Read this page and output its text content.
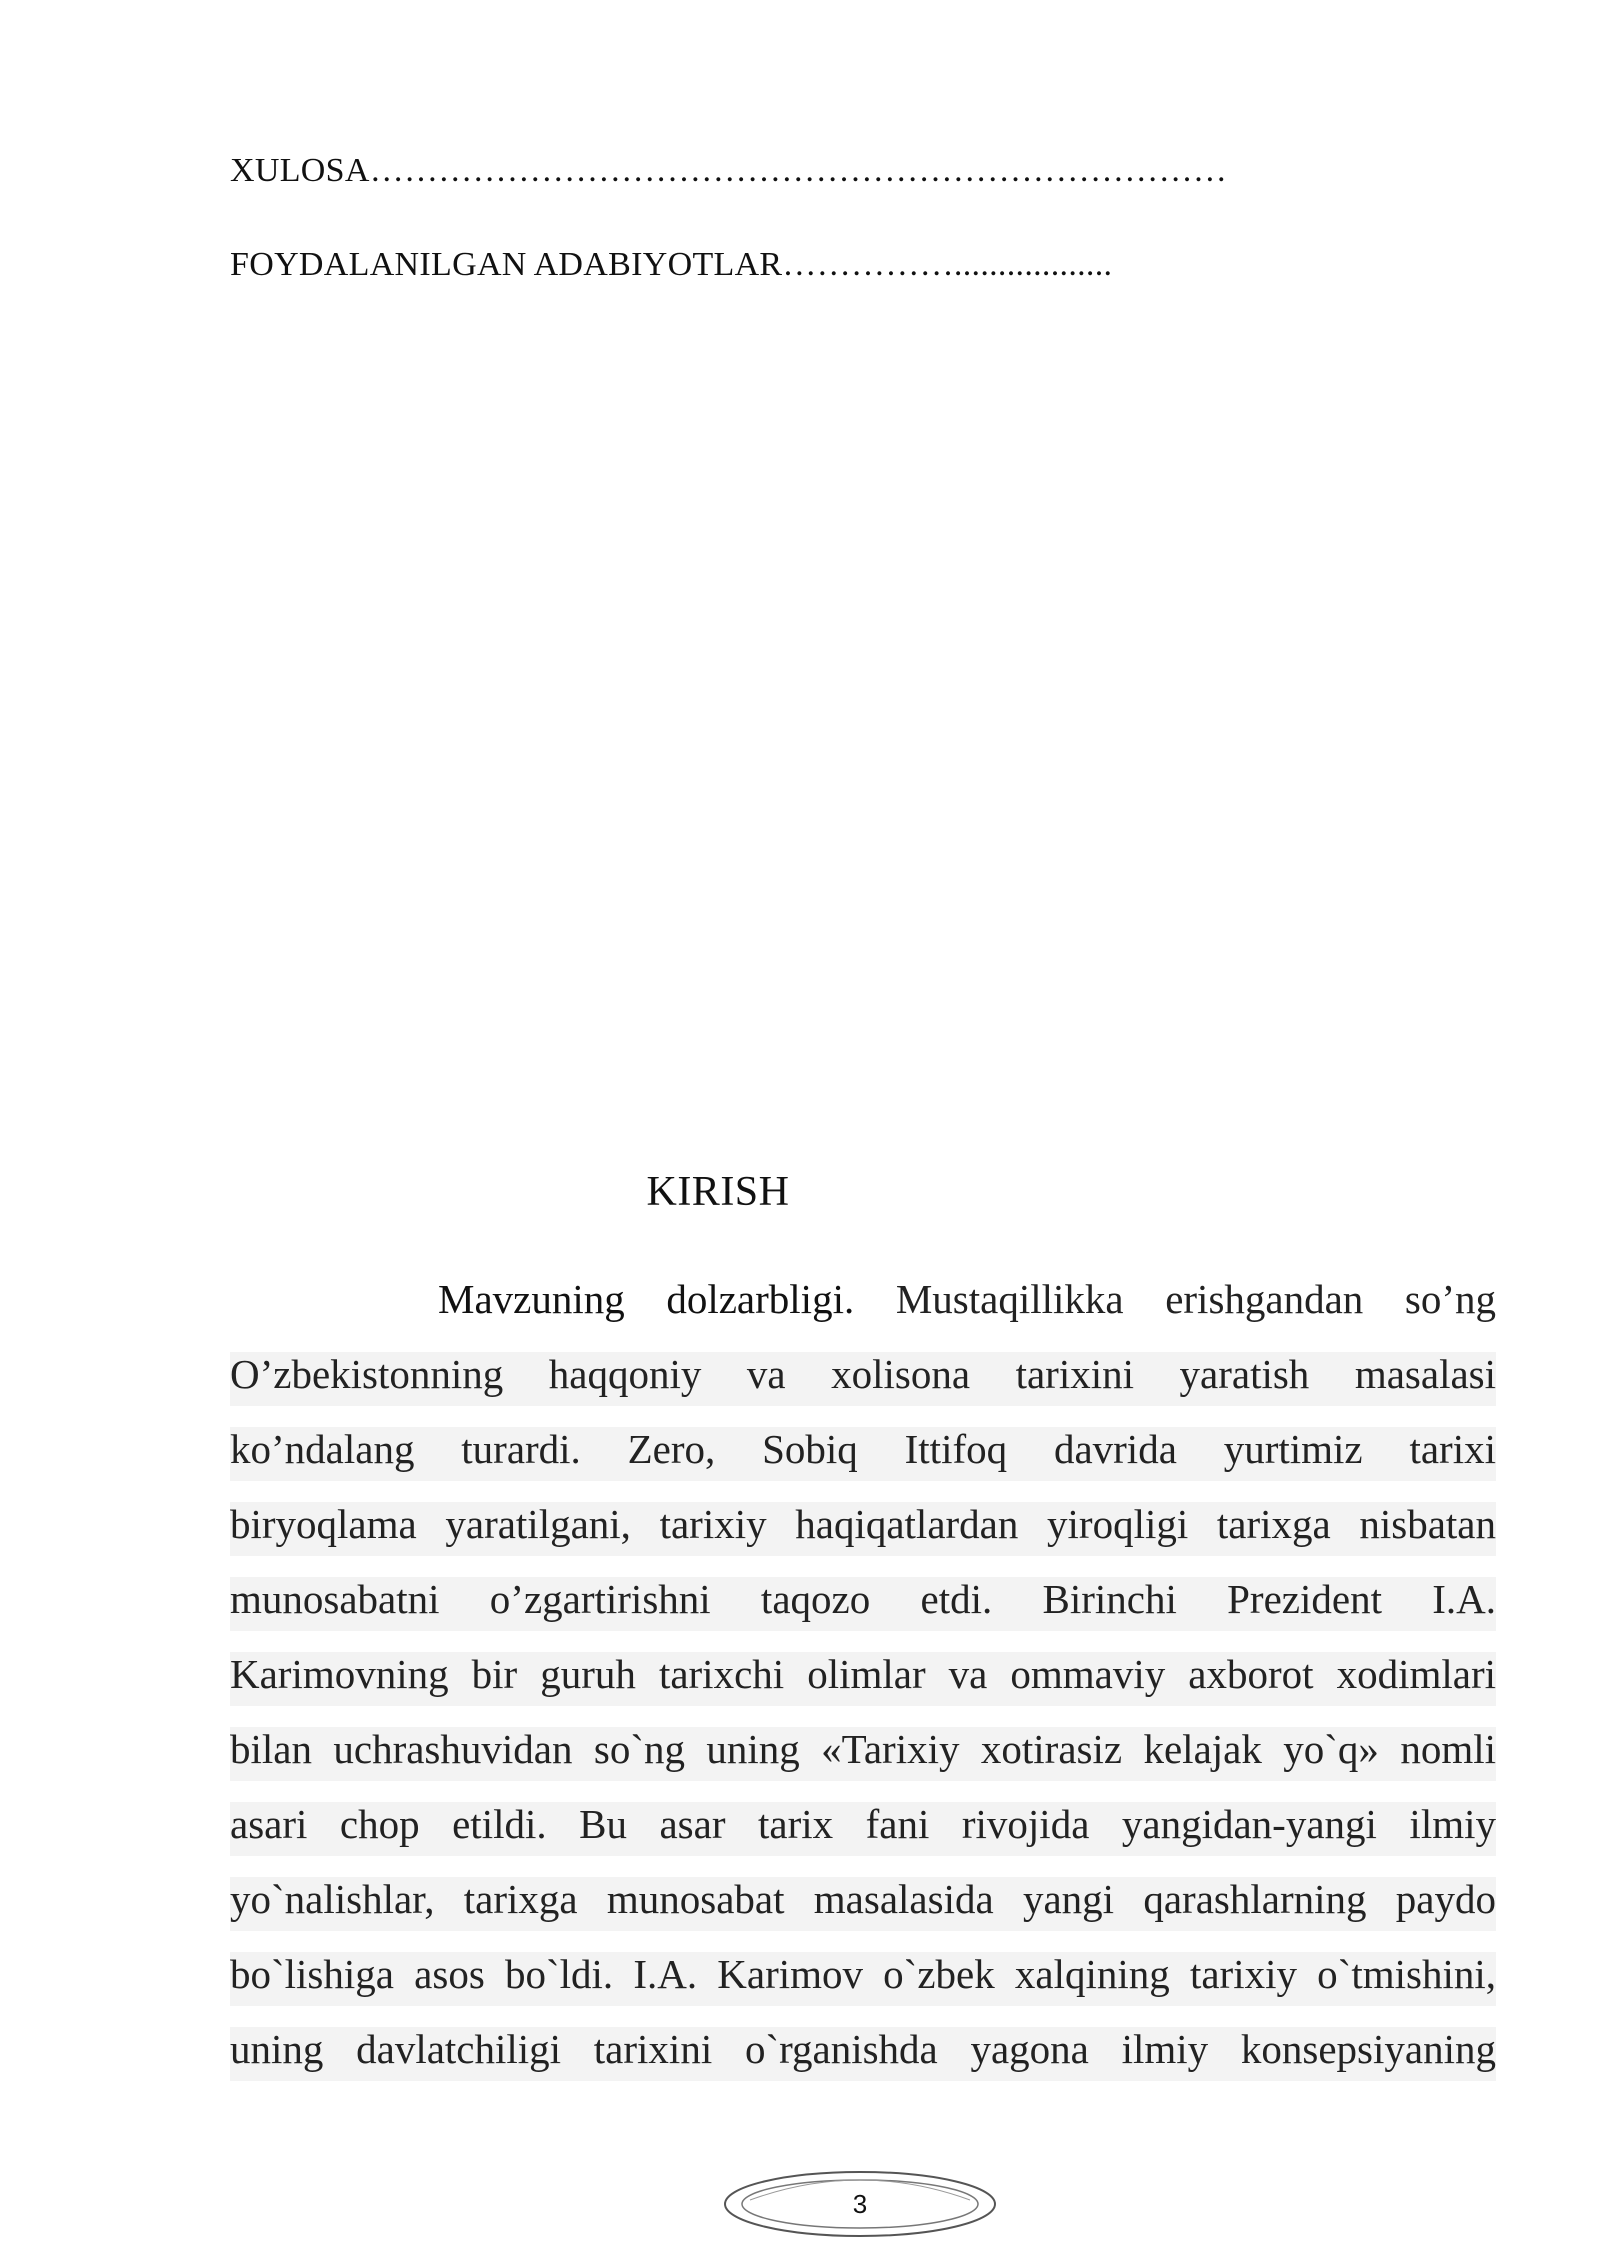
XULOSA…………………………………………………………………
FOYDALANILGAN ADABIYOTLAR……………..................
KIRISH
Mavzuning dolzarbligi. Mustaqillikka erishgandan so’ng
O’zbekistonning haqqoniy va xolisona tarixini yaratish masalasi
ko’ndalang turardi. Zero, Sobiq Ittifoq davrida yurtimiz tarixi
biryoqlama yaratilgani, tarixiy haqiqatlardan yiroqligi tarixga nisbatan
munosabatni o’zgartirishni taqozo etdi. Birinchi Prezident I.A.
Karimovning bir guruh tarixchi olimlar va ommaviy axborot xodimlari
bilan uchrashuvidan so`ng uning «Tarixiy xotirasiz kelajak yo`q» nomli
asari chop etildi. Bu asar tarix fani rivojida yangidan-yangi ilmiy
yo`nalishlar, tarixga munosabat masalasida yangi qarashlarning paydo
bo`lishiga asos bo`ldi. I.A. Karimov o`zbek xalqining tarixiy o`tmishini,
uning davlatchiligi tarixini o`rganishda yagona ilmiy konsepsiyaning
3
